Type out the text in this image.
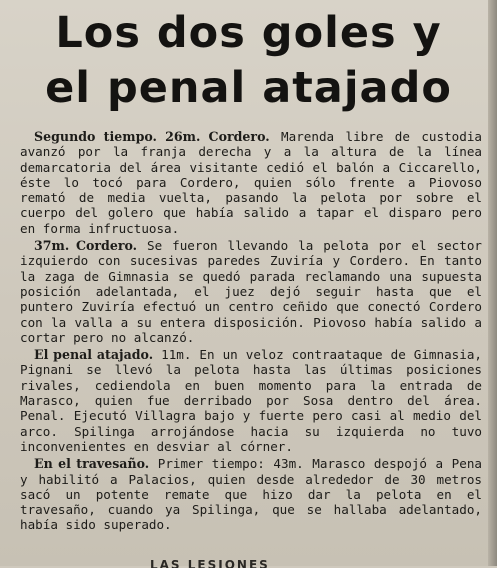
Los dos goles y
el penal atajado

Segundo tiempo. 26m. Cordero. Marenda libre de custodia avanzó por la franja derecha y a la altura de la línea demarcatoria del área visitante cedió el balón a Ciccarello, éste lo tocó para Cordero, quien sólo frente a Piovoso remató de media vuelta, pasando la pelota por sobre el cuerpo del golero que había salido a tapar el disparo pero en forma infructuosa.

37m. Cordero. Se fueron llevando la pelota por el sector izquierdo con sucesivas paredes Zuviría y Cordero. En tanto la zaga de Gimnasia se quedó parada reclamando una supuesta posición adelantada, el juez dejó seguir hasta que el puntero Zuviría efectuó un centro ceñido que conectó Cordero con la valla a su entera disposición. Piovoso había salido a cortar pero no alcanzó.

El penal atajado. 11m. En un veloz contraataque de Gimnasia, Pignani se llevó la pelota hasta las últimas posiciones rivales, cediendola en buen momento para la entrada de Marasco, quien fue derribado por Sosa dentro del área. Penal. Ejecutó Villagra bajo y fuerte pero casi al medio del arco. Spilinga arrojándose hacia su izquierda no tuvo inconvenientes en desviar al córner.

En el travesaño. Primer tiempo: 43m. Marasco despojó a Pena y habilitó a Palacios, quien desde alrededor de 30 metros sacó un potente remate que hizo dar la pelota en el travesaño, cuando ya Spilinga, que se hallaba adelantado, había sido superado.

LAS LESIONES
